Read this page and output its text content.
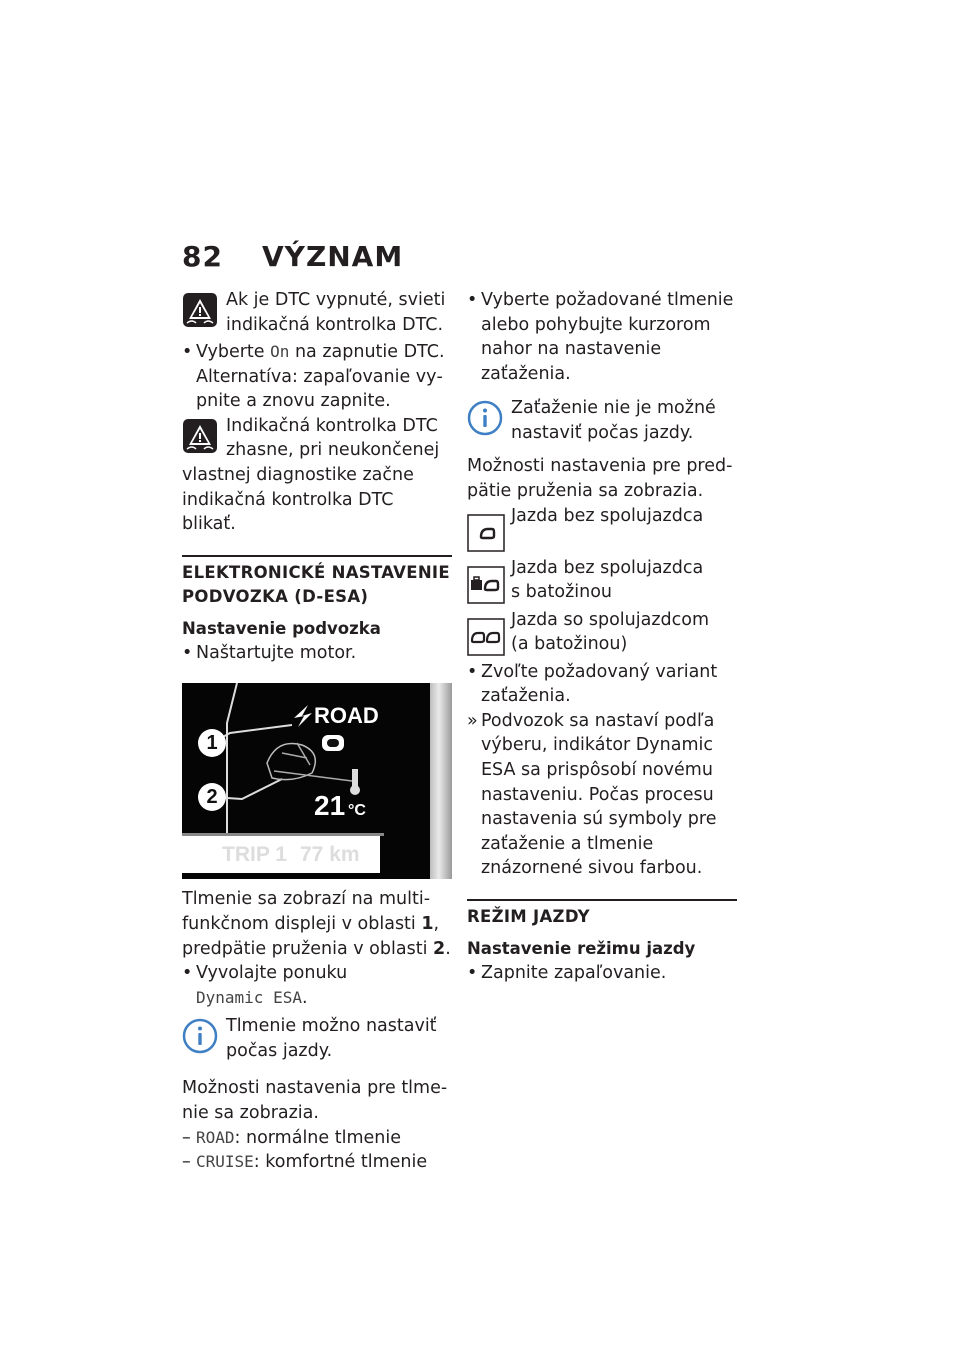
82 VÝZNAM

Ak je DTC vypnuté, svieti indikačná kontrolka DTC.

• Vyberte On na zapnutie DTC. Alternatíva: zapaľovanie vypnite a znovu zapnite.

Indikačná kontrolka DTC

zhasne, pri neukončenej

vlastnej diagnostike začne indikačná kontrolka DTC blikať.

ELEKTRONICKÉ NASTAVENIE PODVOZKA (D-ESA)

Nastavenie podvozka

• Naštartujte motor.

1
2
ROAD
21 °C
TRIP 1 77 km

Tlmenie sa zobrazí na multifunkčnom displeji v oblasti 1, predpätie pruženia v oblasti 2.

• Vyvolajte ponuku
Dynamic ESA.

Tlmenie možno nastaviť počas jazdy.

Možnosti nastavenia pre tlmenie sa zobrazia.

– ROAD: normálne tlmenie

– CRUISE: komfortné tlmenie

• Vyberte požadované tlmenie alebo pohybujte kurzorom nahor na nastavenie zaťaženia.

Zaťaženie nie je možné nastaviť počas jazdy.

Možnosti nastavenia pre predpätie pruženia sa zobrazia.

Jazda bez spolujazdca

Jazda bez spolujazdca

s batožinou

Jazda so spolujazdcom

(a batožinou)

• Zvoľte požadovaný variant zaťaženia.

» Podvozok sa nastaví podľa výberu, indikátor Dynamic ESA sa prispôsobí novému nastaveniu. Počas procesu nastavenia sú symboly pre zaťaženie a tlmenie znázornené sivou farbou.

REŽIM JAZDY

Nastavenie režimu jazdy

• Zapnite zapaľovanie.
